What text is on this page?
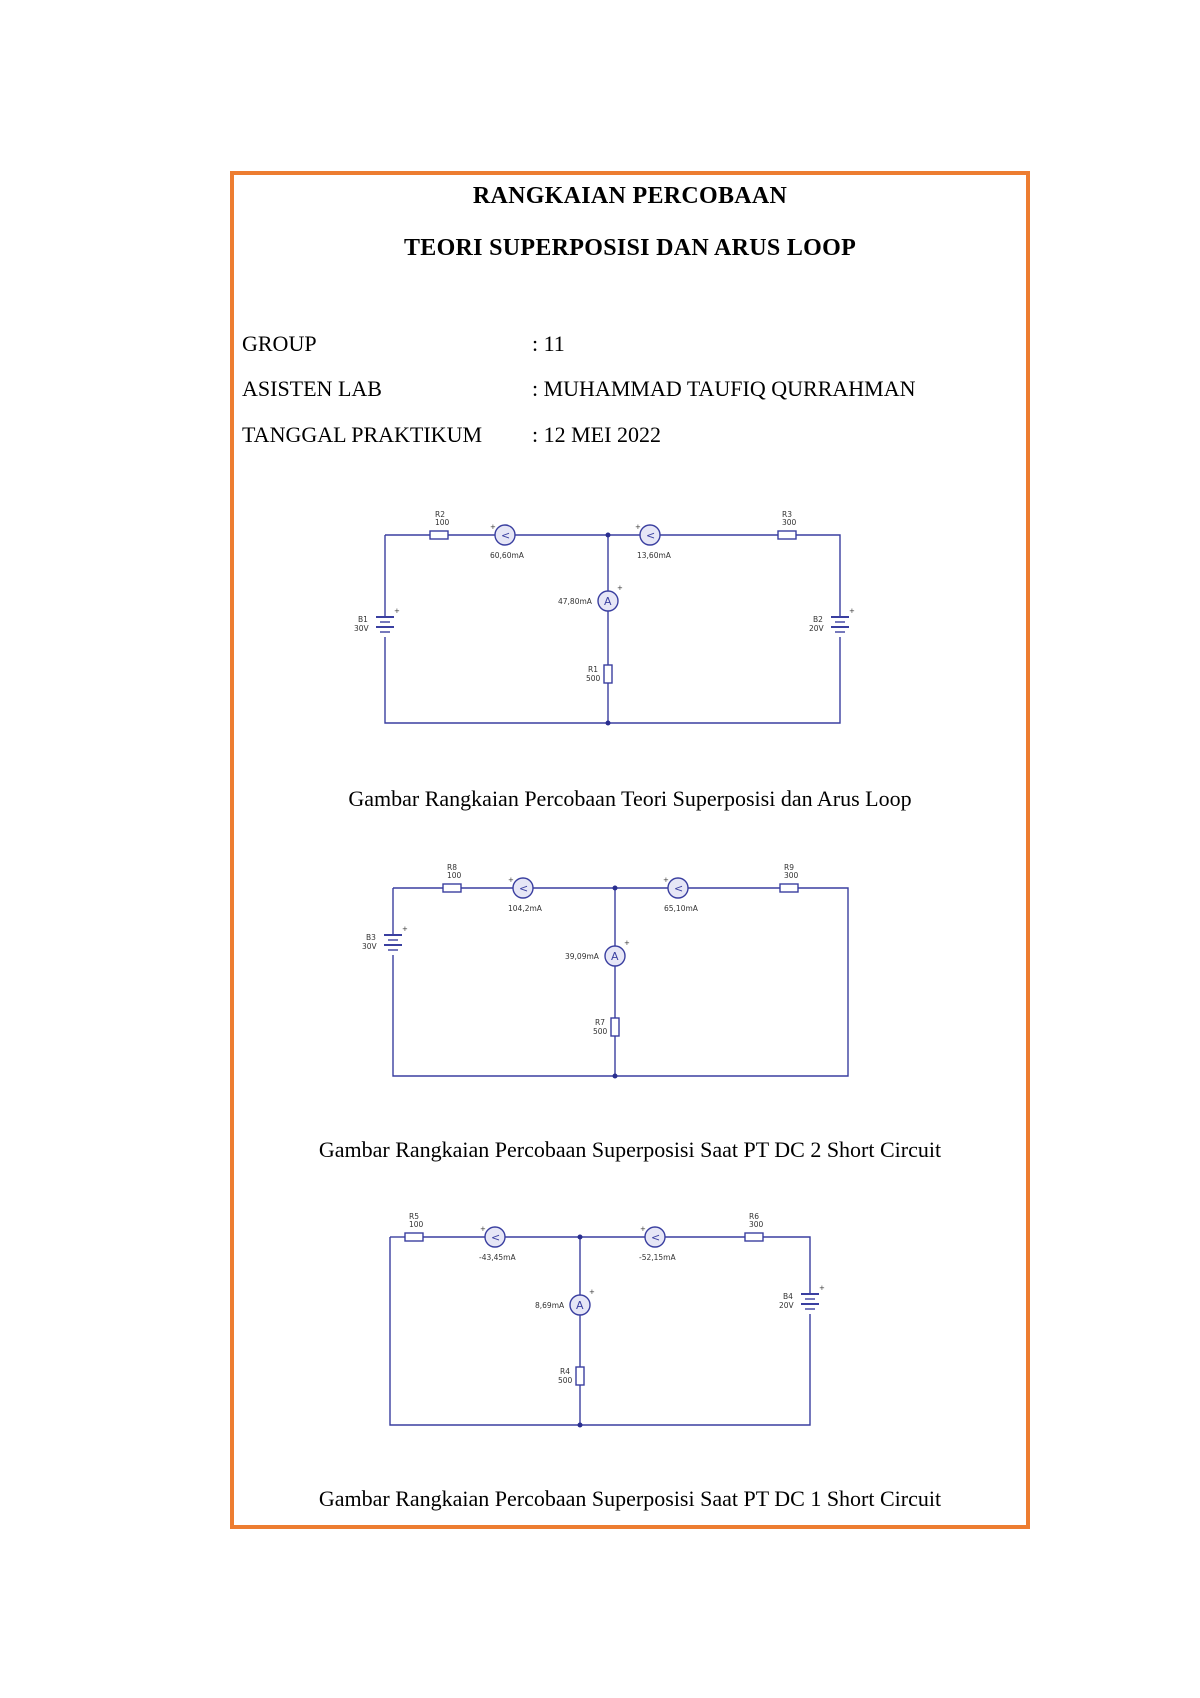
RANGKAIAN PERCOBAAN
TEORI SUPERPOSISI DAN ARUS LOOP
GROUP	: 11
ASISTEN LAB	: MUHAMMAD TAUFIQ QURRAHMAN
TANGGAL PRAKTIKUM : 12 MEI 2022
R2
100
R3
300
R1
500
<
+
60,60mA
<
+
13,60mA
A
+
47,80mA
+
B1
30V
+
B2
20V
Gambar Rangkaian Percobaan Teori Superposisi dan Arus Loop
R8
100
R9
300
R7
500
<
+
104,2mA
<
+
65,10mA
A
+
39,09mA
+
B3
30V
Gambar Rangkaian Percobaan Superposisi Saat PT DC 2 Short Circuit
R5
100
R6
300
R4
500
<
+
-43,45mA
<
+
-52,15mA
A
+
8,69mA
+
B4
20V
Gambar Rangkaian Percobaan Superposisi Saat PT DC 1 Short Circuit
